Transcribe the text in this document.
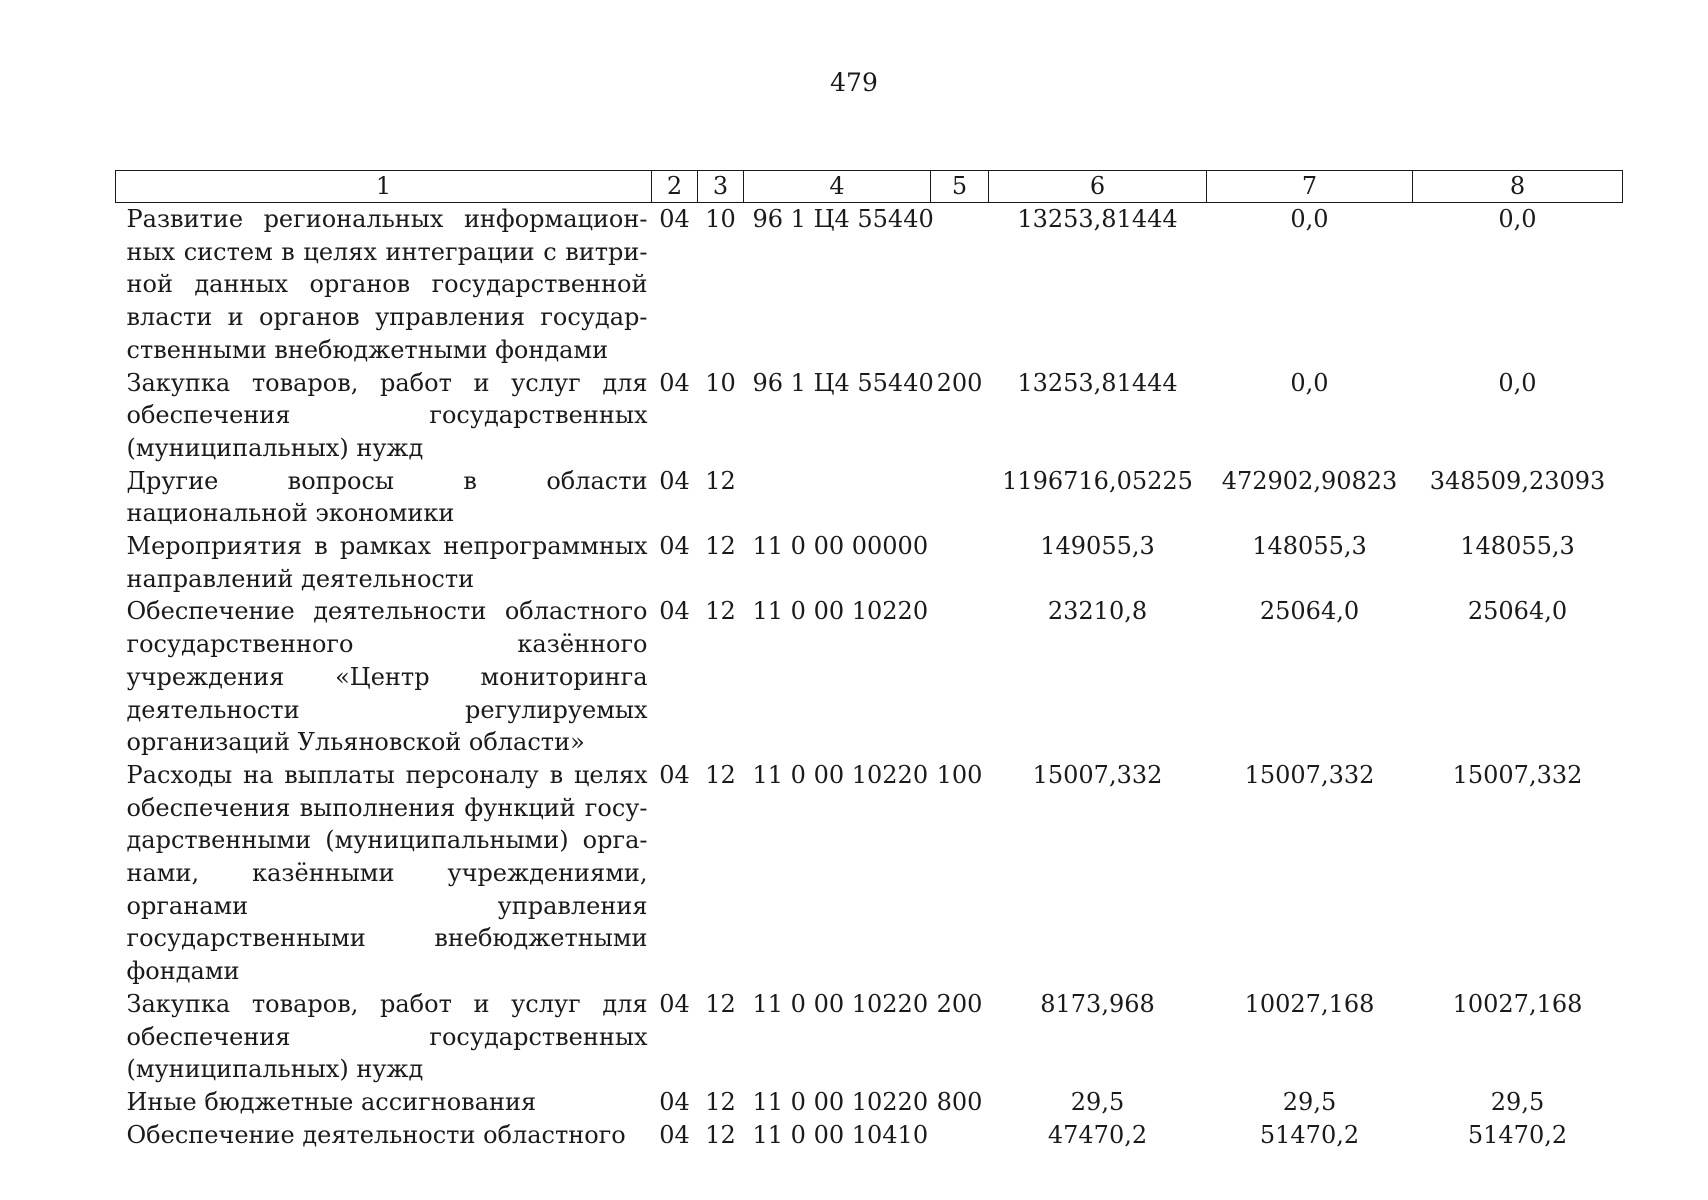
479
1	2	3	4	5	6	7	8
Развитие региональных информационных систем в целях интеграции с витриной данных органов государственной власти и органов управления государственными внебюджетными фондами	04	10	96 1 Ц4 55440		13253,81444	0,0	0,0
Закупка товаров, работ и услуг для обеспечения государственных (муниципальных) нужд	04	10	96 1 Ц4 55440	200	13253,81444	0,0	0,0
Другие вопросы в области национальной экономики	04	12			1196716,05225	472902,90823	348509,23093
Мероприятия в рамках непрограммных направлений деятельности	04	12	11 0 00 00000		149055,3	148055,3	148055,3
Обеспечение деятельности областного государственного казённого учреждения «Центр мониторинга деятельности регулируемых организаций Ульяновской области»	04	12	11 0 00 10220		23210,8	25064,0	25064,0
Расходы на выплаты персоналу в целях обеспечения выполнения функций государственными (муниципальными) органами, казёнными учреждениями, органами управления государственными внебюджетными фондами	04	12	11 0 00 10220	100	15007,332	15007,332	15007,332
Закупка товаров, работ и услуг для обеспечения государственных (муниципальных) нужд	04	12	11 0 00 10220	200	8173,968	10027,168	10027,168
Иные бюджетные ассигнования	04	12	11 0 00 10220	800	29,5	29,5	29,5
Обеспечение деятельности областного	04	12	11 0 00 10410		47470,2	51470,2	51470,2
